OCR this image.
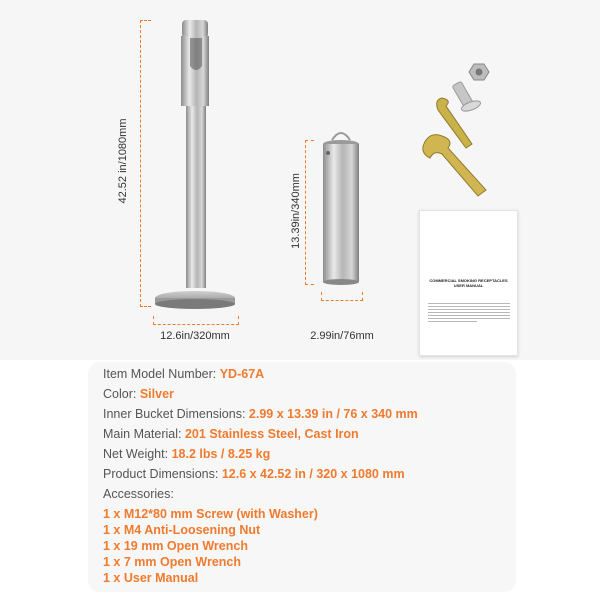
42.52 in/1080mm
12.6in/320mm
13.39in/340mm
2.99in/76mm
COMMERCIAL SMOKING RECEPTACLES
USER MANUAL
Item Model Number: YD-67A
Color: Silver
Inner Bucket Dimensions: 2.99 x 13.39 in / 76 x 340 mm
Main Material: 201 Stainless Steel, Cast Iron
Net Weight: 18.2 lbs / 8.25 kg
Product Dimensions: 12.6 x 42.52 in / 320 x 1080 mm
Accessories:
1 x M12*80 mm Screw (with Washer)
1 x M4 Anti-Loosening Nut
1 x 19 mm Open Wrench
1 x 7 mm Open Wrench
1 x User Manual
